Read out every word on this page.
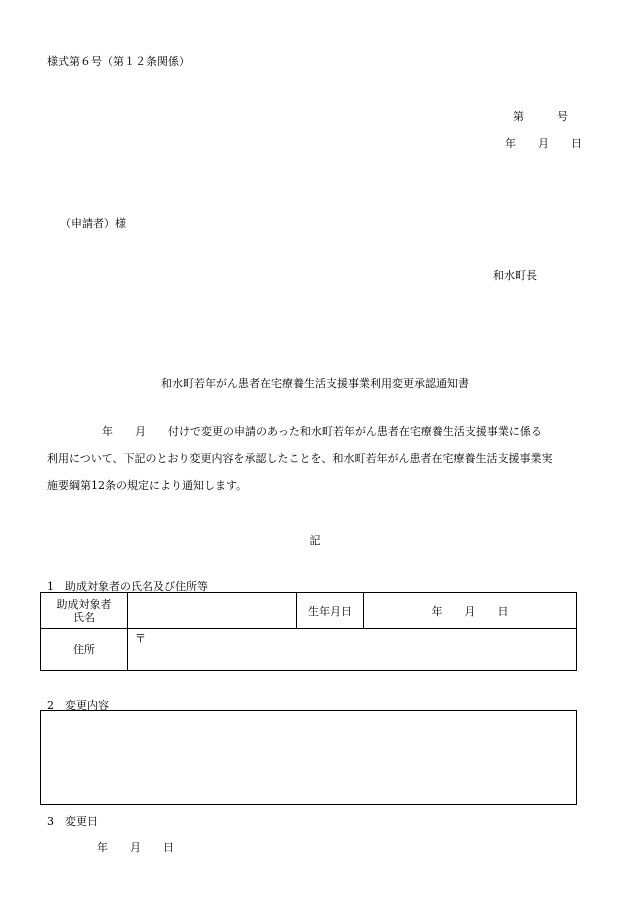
様式第６号（第１２条関係）
第　　　号
年　　月　　日
（申請者）様
和水町長
和水町若年がん患者在宅療養生活支援事業利用変更承認通知書

　　　　　年　　月　　付けで変更の申請のあった和水町若年がん患者在宅療養生活支援事業に係る

利用について、下記のとおり変更内容を承認したことを、和水町若年がん患者在宅療養生活支援事業実

施要綱第12条の規定により通知します。

記
1　助成対象者の氏名及び住所等
助成対象者
氏名		生年月日	年　　月　　日
住所	〒		
2　変更内容
3　変更日
年　　月　　日
